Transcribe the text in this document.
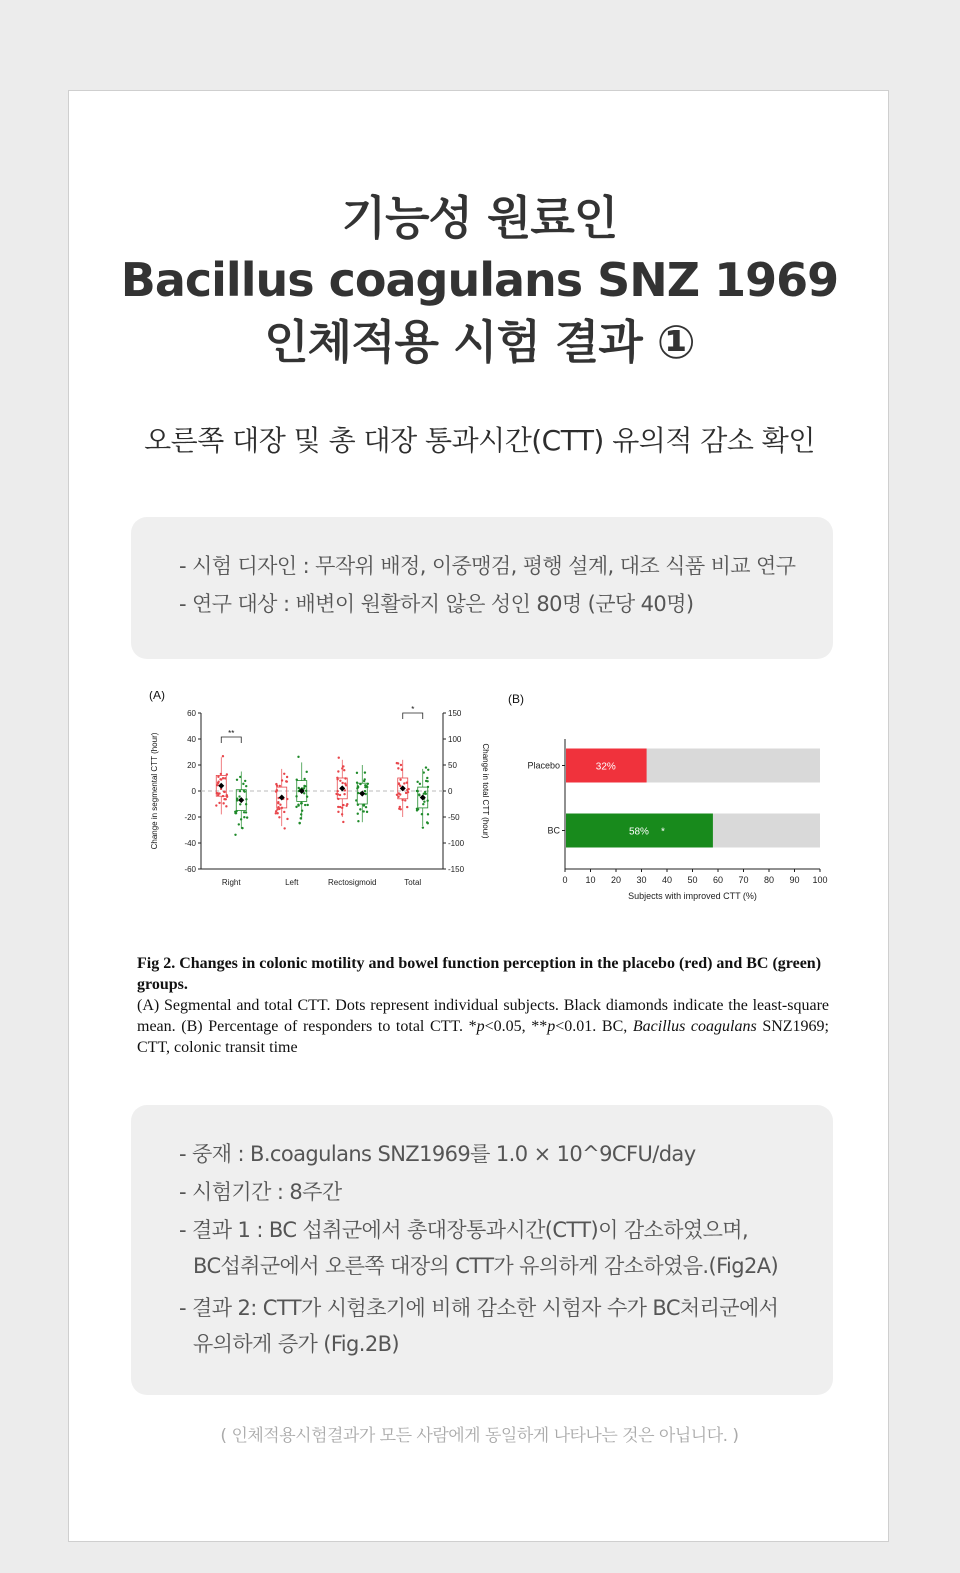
기능성 원료인
Bacillus coagulans SNZ 1969
인체적용 시험 결과 ①
오른쪽 대장 및 총 대장 통과시간(CTT) 유의적 감소 확인
- 시험 디자인 : 무작위 배정, 이중맹검, 평행 설계, 대조 식품 비교 연구
- 연구 대상 : 배변이 원활하지 않은 성인 80명 (군당 40명)
(A)
60
40
20
0
-20
-40
-60
150
100
50
0
-50
-100
-150
Change in segmental CTT (hour)	Change in total CTT (hour)
Right	Left	Rectosigmoid	Total
**
*
(B)
0 10 20 30 40 50 60 70 80 90 100
Subjects with improved CTT (%)
Placebo	32%
BC	58% *
Fig 2. Changes in colonic motility and bowel function perception in the placebo (red) and BC (green) groups.
(A) Segmental and total CTT. Dots represent individual subjects. Black diamonds indicate the least-square mean. (B) Percentage of responders to total CTT. *p<0.05, **p<0.01. BC, Bacillus coagulans SNZ1969; CTT, colonic transit time
- 중재 : B.coagulans SNZ1969를 1.0 × 10^9CFU/day
- 시험기간 : 8주간
- 결과 1 : BC 섭취군에서 총대장통과시간(CTT)이 감소하였으며,
BC섭취군에서 오른쪽 대장의 CTT가 유의하게 감소하였음.(Fig2A)
- 결과 2: CTT가 시험초기에 비해 감소한 시험자 수가 BC처리군에서
유의하게 증가 (Fig.2B)
( 인체적용시험결과가 모든 사람에게 동일하게 나타나는 것은 아닙니다. )
